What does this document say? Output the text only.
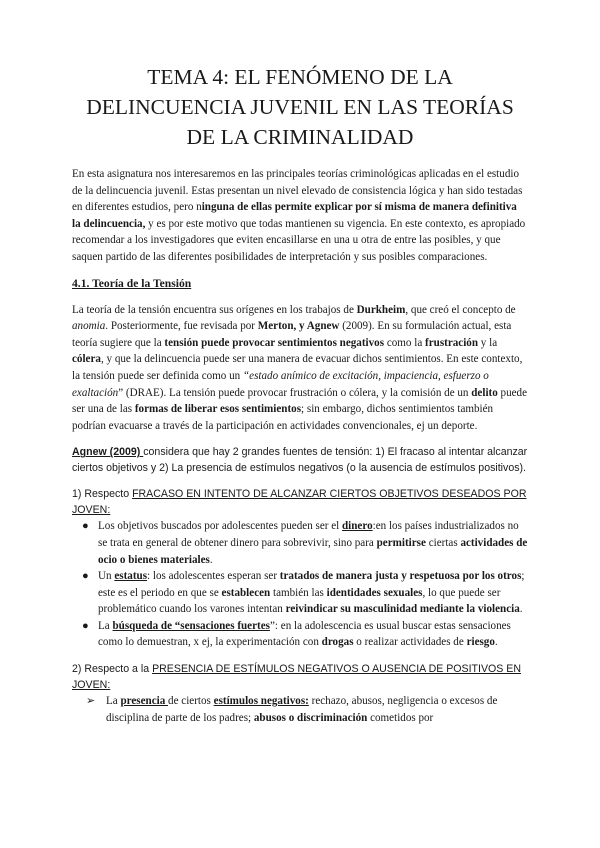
TEMA 4: EL FENÓMENO DE LA DELINCUENCIA JUVENIL EN LAS TEORÍAS DE LA CRIMINALIDAD

En esta asignatura nos interesaremos en las principales teorías criminológicas aplicadas en el estudio de la delincuencia juvenil. Estas presentan un nivel elevado de consistencia lógica y han sido testadas en diferentes estudios, pero ninguna de ellas permite explicar por sí misma de manera definitiva la delincuencia, y es por este motivo que todas mantienen su vigencia. En este contexto, es apropiado recomendar a los investigadores que eviten encasillarse en una u otra de entre las posibles, y que saquen partido de las diferentes posibilidades de interpretación y sus posibles comparaciones.

4.1. Teoría de la Tensión

La teoría de la tensión encuentra sus orígenes en los trabajos de Durkheim, que creó el concepto de anomia. Posteriormente, fue revisada por Merton, y Agnew (2009). En su formulación actual, esta teoría sugiere que la tensión puede provocar sentimientos negativos como la frustración y la cólera, y que la delincuencia puede ser una manera de evacuar dichos sentimientos. En este contexto, la tensión puede ser definida como un “estado anímico de excitación, impaciencia, esfuerzo o exaltación” (DRAE). La tensión puede provocar frustración o cólera, y la comisión de un delito puede ser una de las formas de liberar esos sentimientos; sin embargo, dichos sentimientos también podrían evacuarse a través de la participación en actividades convencionales, ej un deporte.

Agnew (2009) considera que hay 2 grandes fuentes de tensión: 1) El fracaso al intentar alcanzar ciertos objetivos y 2) La presencia de estímulos negativos (o la ausencia de estímulos positivos).

1) Respecto FRACASO EN INTENTO DE ALCANZAR CIERTOS OBJETIVOS DESEADOS POR JOVEN:

● Los objetivos buscados por adolescentes pueden ser el dinero:en los países industrializados no se trata en general de obtener dinero para sobrevivir, sino para permitirse ciertas actividades de ocio o bienes materiales.
● Un estatus: los adolescentes esperan ser tratados de manera justa y respetuosa por los otros; este es el periodo en que se establecen también las identidades sexuales, lo que puede ser problemático cuando los varones intentan reivindicar su masculinidad mediante la violencia.
● La búsqueda de “sensaciones fuertes”: en la adolescencia es usual buscar estas sensaciones como lo demuestran, x ej, la experimentación con drogas o realizar actividades de riesgo.

2) Respecto a la PRESENCIA DE ESTÍMULOS NEGATIVOS O AUSENCIA DE POSITIVOS EN JOVEN:

➢ La presencia de ciertos estímulos negativos: rechazo, abusos, negligencia o excesos de disciplina de parte de los padres; abusos o discriminación cometidos por
